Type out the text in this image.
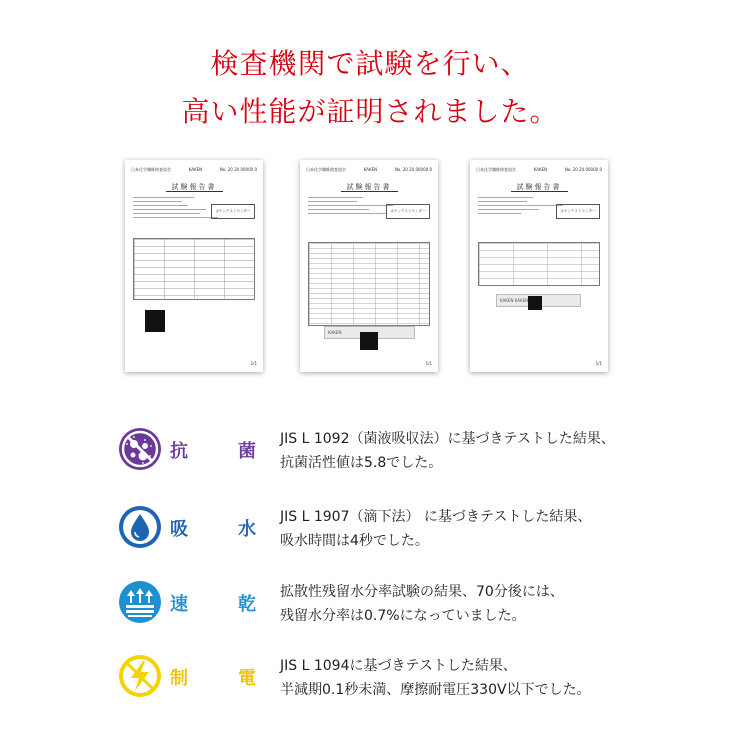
検査機関で試験を行い、
高い性能が証明されました。
日本化学繊維検査協会	KAKEN	No. 20 20 00000 0
試験報告書
カケンテストセンター
1/1
日本化学繊維検査協会	KAKEN	No. 20 20 00000 0
試験報告書
カケンテストセンター
KAKEN
1/1
日本化学繊維検査協会	KAKEN	No. 20 20 00000 0
試験報告書
カケンテストセンター
KAKEN KAKEN
1/1
抗	菌
JIS L 1092（菌液吸収法）に基づきテストした結果、
抗菌活性値は5.8でした。
吸	水
JIS L 1907（滴下法） に基づきテストした結果、
吸水時間は4秒でした。
速	乾
拡散性残留水分率試験の結果、70分後には、
残留水分率は0.7%になっていました。
制	電
JIS L 1094に基づきテストした結果、
半減期0.1秒未満、摩擦耐電圧330V以下でした。
